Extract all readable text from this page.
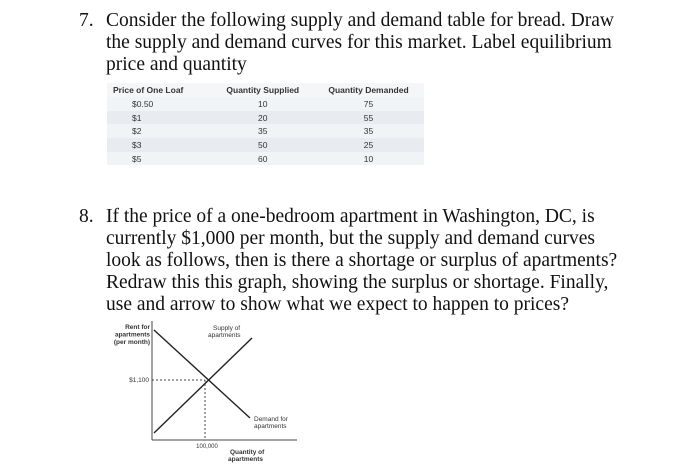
7. Consider the following supply and demand table for bread. Draw
the supply and demand curves for this market. Label equilibrium
price and quantity
Price of One Loaf	Quantity Supplied	Quantity Demanded
$0.50	10	75
$1	20	55
$2	35	35
$3	50	25
$5	60	10
8. If the price of a one-bedroom apartment in Washington, DC, is
currently $1,000 per month, but the supply and demand curves
look as follows, then is there a shortage or surplus of apartments?
Redraw this this graph, showing the surplus or shortage. Finally,
use and arrow to show what we expect to happen to prices?
Rent for
apartments
(per month)
Supply of
apartments
Demand for
apartments
$1,100
100,000
Quantity of
apartments
